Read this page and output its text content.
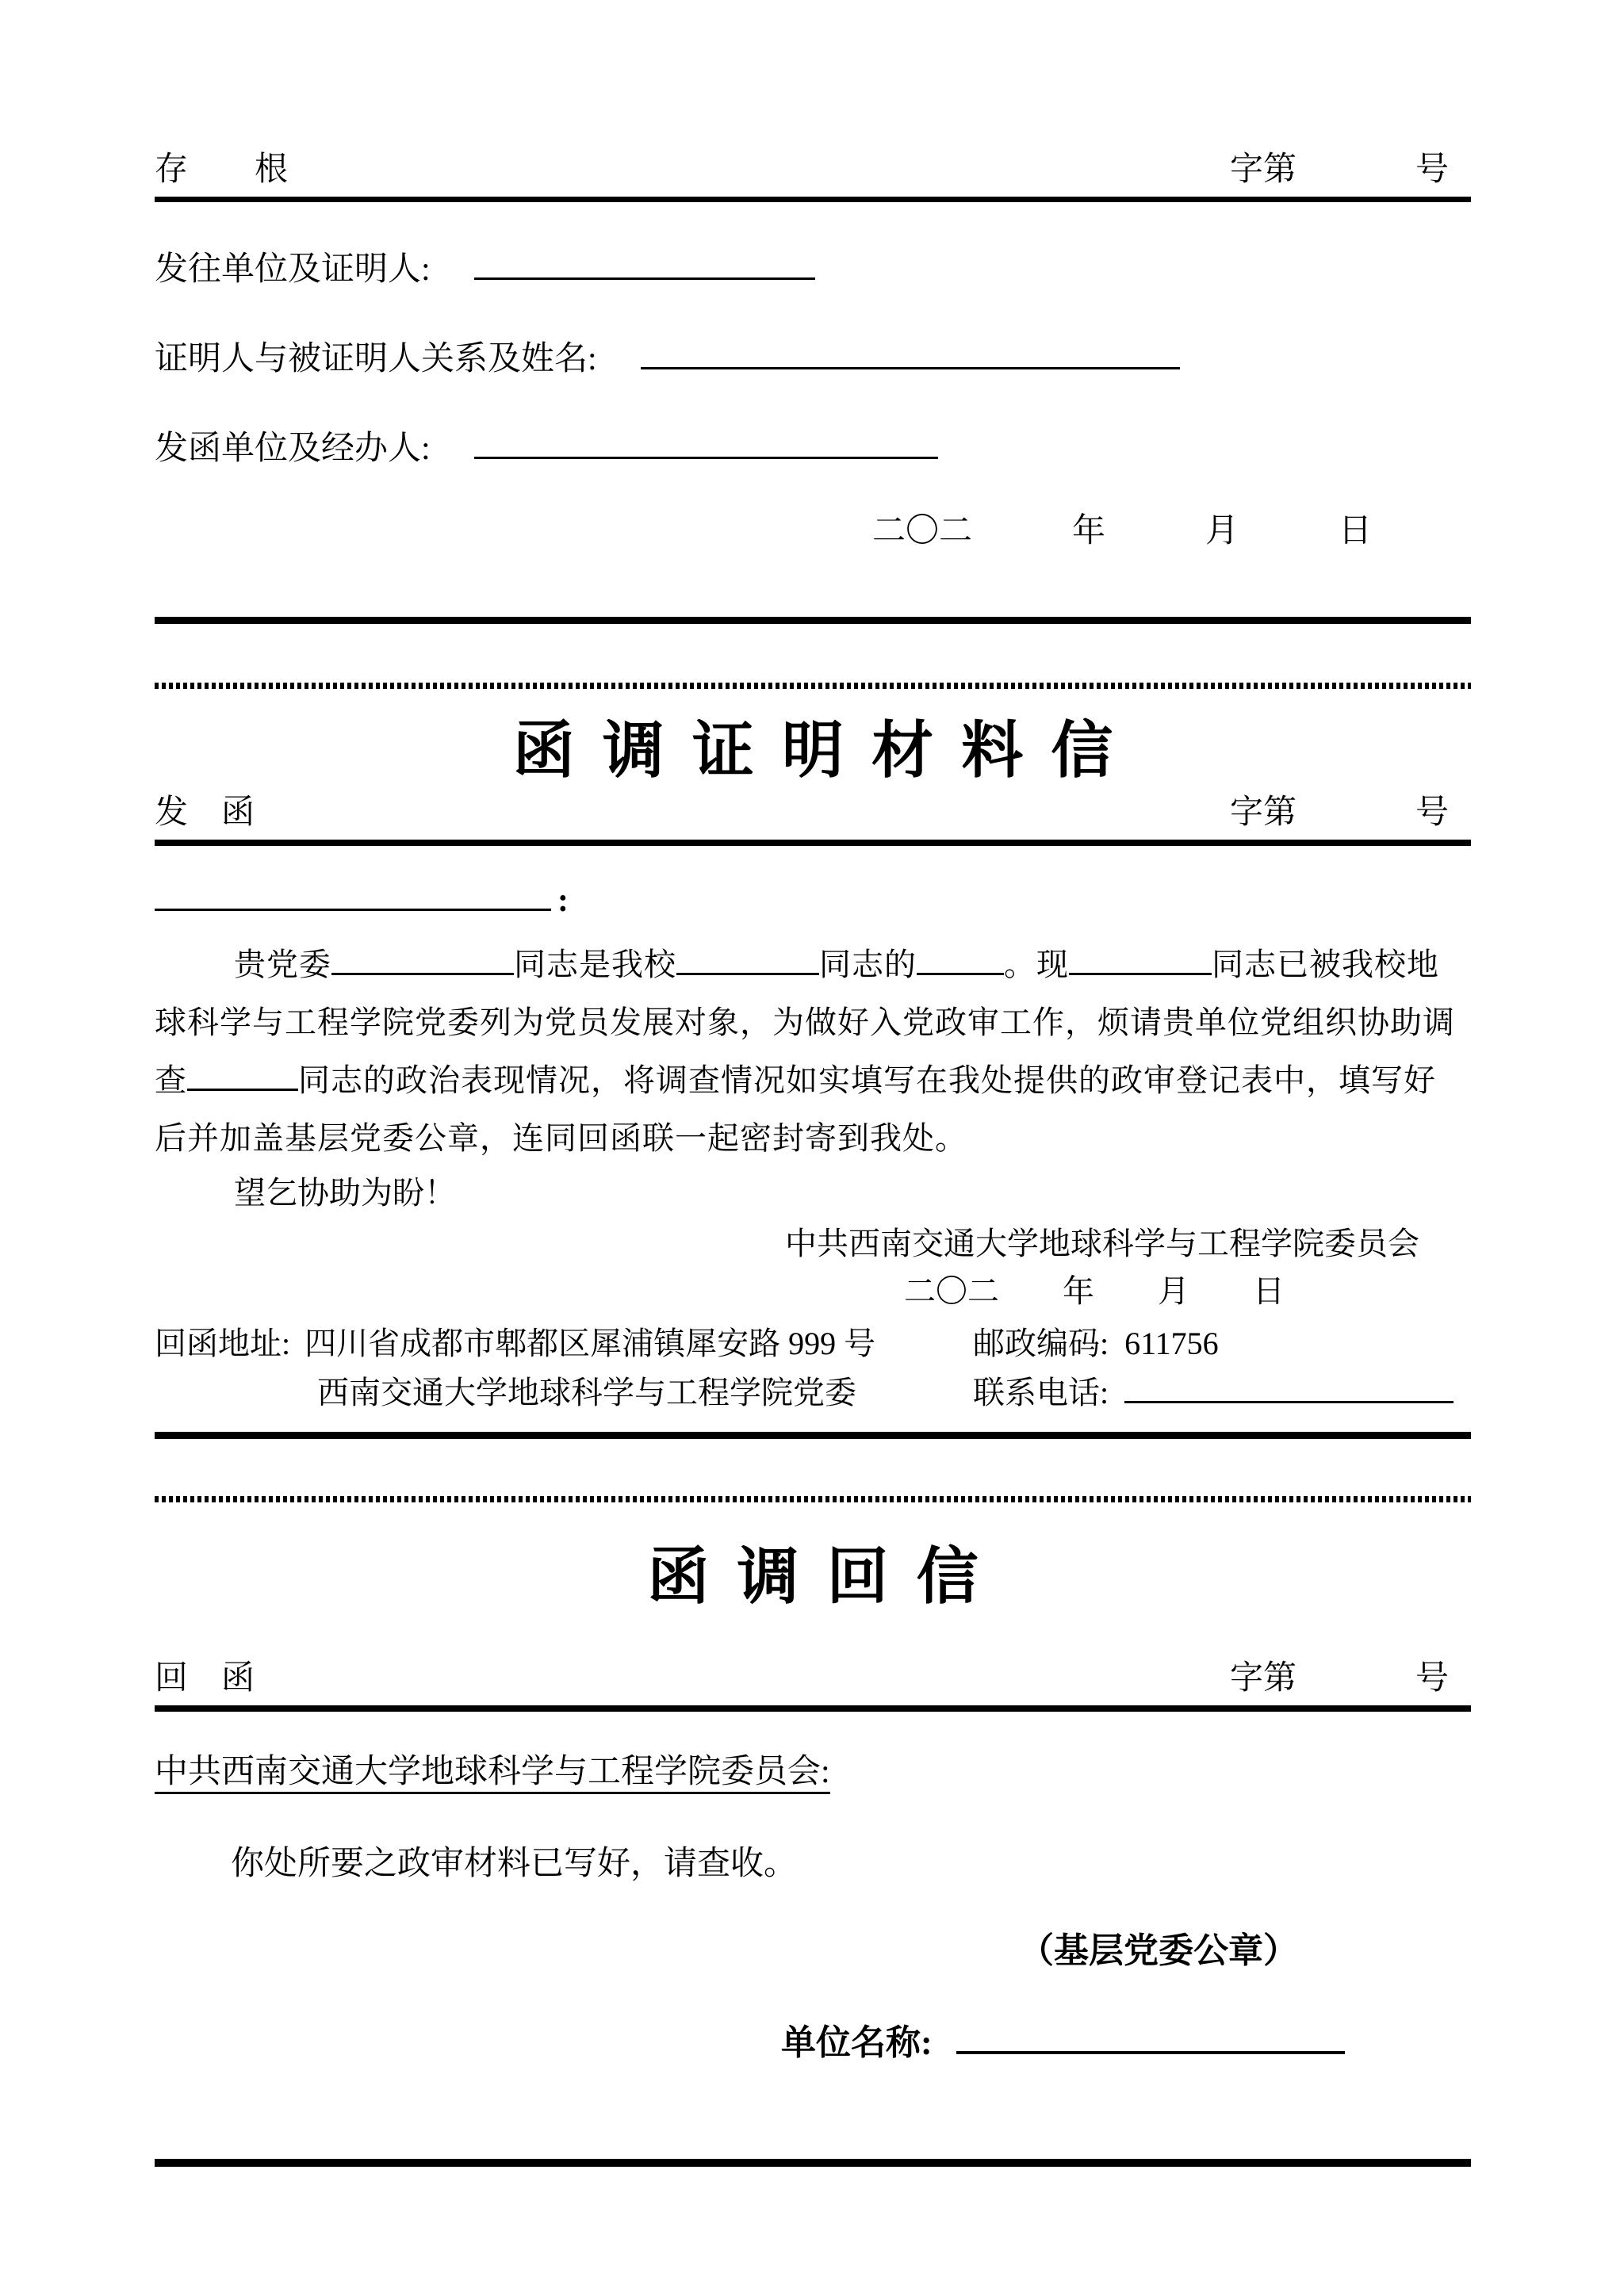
存　　根	字第	号
发往单位及证明人:
证明人与被证明人关系及姓名:
发函单位及经办人:
二〇二　　　年　　　月　　　日
函调证明材料信
发　函	字第	号
:
贵党委	同志是我校	同志的	。现	同志已被我校地
球科学与工程学院党委列为党员发展对象，为做好入党政审工作，烦请贵单位党组织协助调
查	同志的政治表现情况，将调查情况如实填写在我处提供的政审登记表中，填写好
后并加盖基层党委公章，连同回函联一起密封寄到我处。
望乞协助为盼！
中共西南交通大学地球科学与工程学院委员会
二〇二　　年　　月　　日
回函地址: 四川省成都市郫都区犀浦镇犀安路 999 号	邮政编码: 611756
西南交通大学地球科学与工程学院党委	联系电话:
函调回信
回　函	字第	号
中共西南交通大学地球科学与工程学院委员会:
你处所要之政审材料已写好，请查收。
（基层党委公章）
单位名称:
